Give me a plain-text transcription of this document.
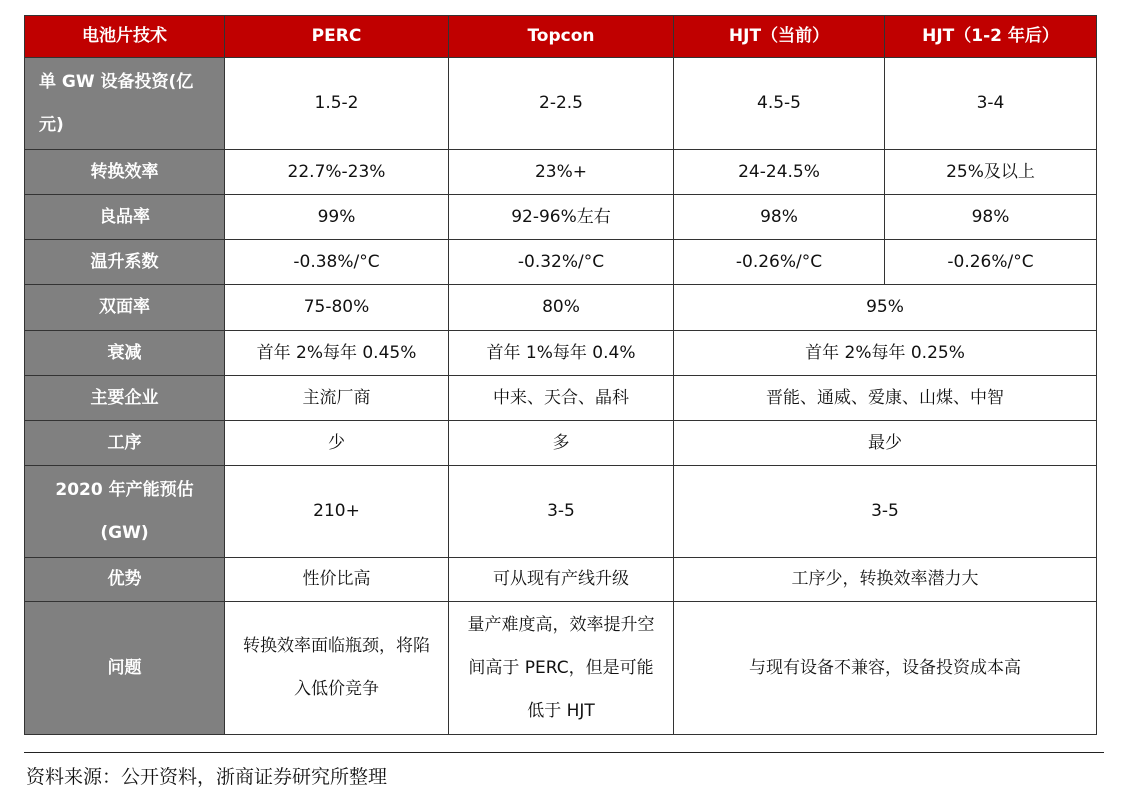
电池片技术	PERC	Topcon	HJT（当前）	HJT（1-2 年后）
单 GW 设备投资(亿元)	1.5-2	2-2.5	4.5-5	3-4
转换效率	22.7%-23%	23%+	24-24.5%	25%及以上
良品率	99%	92-96%左右	98%	98%
温升系数	-0.38%/°C	-0.32%/°C	-0.26%/°C	-0.26%/°C
双面率	75-80%	80%	95%	
衰减	首年 2%每年 0.45%	首年 1%每年 0.4%	首年 2%每年 0.25%	
主要企业	主流厂商	中来、天合、晶科	晋能、通威、爱康、山煤、中智	
工序	少	多	最少	
2020 年产能预估(GW)	210+	3-5	3-5	
优势	性价比高	可从现有产线升级	工序少，转换效率潜力大	
问题	转换效率面临瓶颈，将陷入低价竞争	量产难度高，效率提升空间高于 PERC，但是可能低于 HJT	与现有设备不兼容，设备投资成本高	
资料来源：公开资料，浙商证券研究所整理
